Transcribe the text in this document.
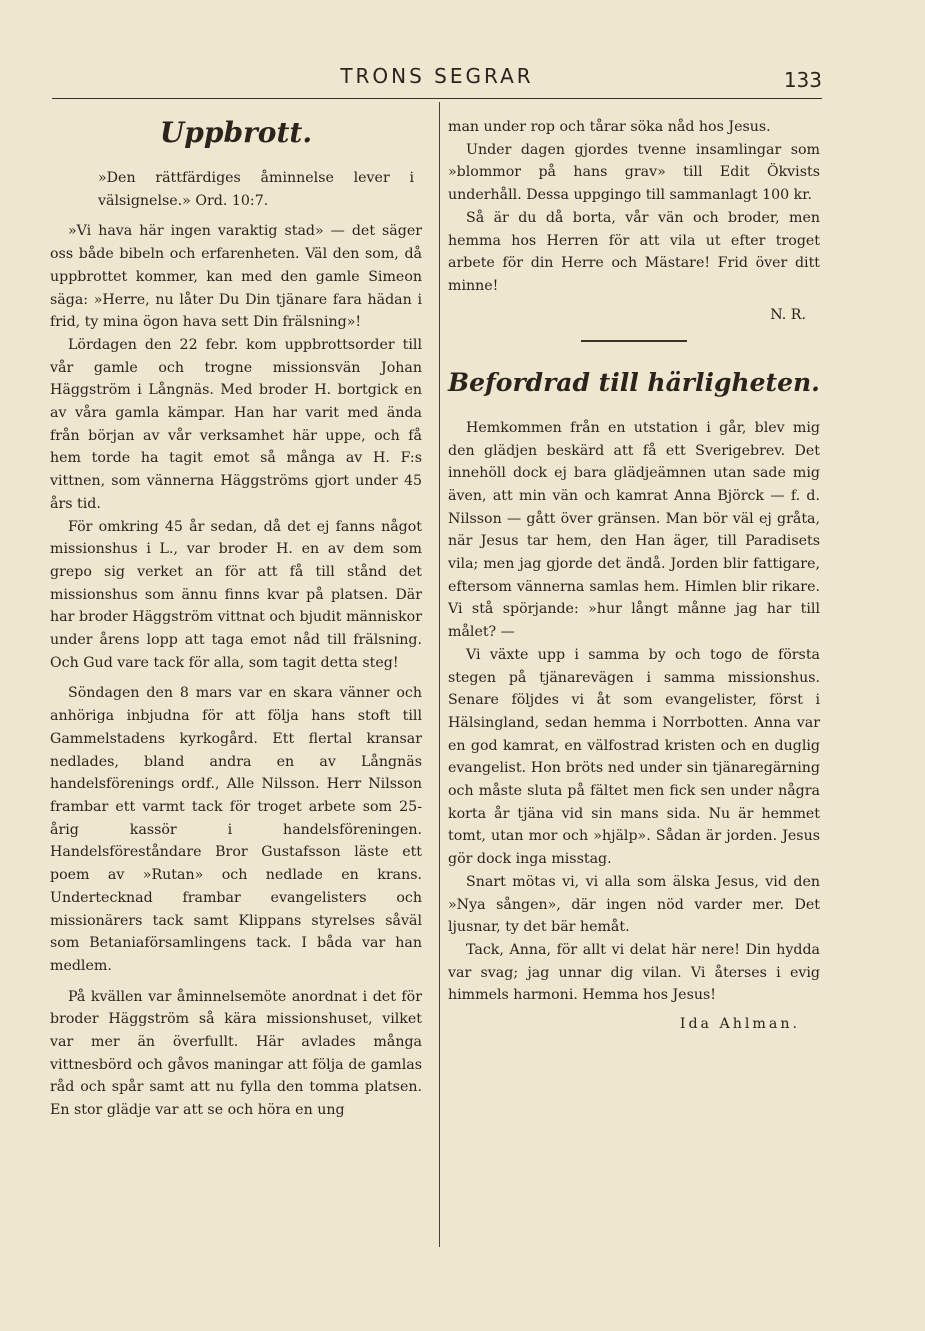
TRONS SEGRAR	133
Uppbrott.

»Den rättfärdiges åminnelse lever i välsignelse.» Ord. 10:7.

»Vi hava här ingen varaktig stad» — det säger oss både bibeln och erfarenheten. Väl den som, då uppbrottet kommer, kan med den gamle Simeon säga: »Herre, nu låter Du Din tjänare fara hädan i frid, ty mina ögon hava sett Din frälsning»!

Lördagen den 22 febr. kom uppbrottsorder till vår gamle och trogne missionsvän Johan Häggström i Långnäs. Med broder H. bortgick en av våra gamla kämpar. Han har varit med ända från början av vår verksamhet här uppe, och få hem torde ha tagit emot så många av H. F:s vittnen, som vännerna Häggströms gjort under 45 års tid.

För omkring 45 år sedan, då det ej fanns något missionshus i L., var broder H. en av dem som grepo sig verket an för att få till stånd det missionshus som ännu finns kvar på platsen. Där har broder Häggström vittnat och bjudit människor under årens lopp att taga emot nåd till frälsning. Och Gud vare tack för alla, som tagit detta steg!

Söndagen den 8 mars var en skara vänner och anhöriga inbjudna för att följa hans stoft till Gammelstadens kyrkogård. Ett flertal kransar nedlades, bland andra en av Långnäs handelsförenings ordf., Alle Nilsson. Herr Nilsson frambar ett varmt tack för troget arbete som 25-årig kassör i handelsföreningen. Handelsföreståndare Bror Gustafsson läste ett poem av »Rutan» och nedlade en krans. Undertecknad frambar evangelisters och missionärers tack samt Klippans styrelses såväl som Betaniaförsamlingens tack. I båda var han medlem.

På kvällen var åminnelsemöte anordnat i det för broder Häggström så kära missionshuset, vilket var mer än överfullt. Här avlades många vittnesbörd och gåvos maningar att följa de gamlas råd och spår samt att nu fylla den tomma platsen. En stor glädje var att se och höra en ung

man under rop och tårar söka nåd hos Jesus.

Under dagen gjordes tvenne insamlingar som »blommor på hans grav» till Edit Ökvists underhåll. Dessa uppgingo till sammanlagt 100 kr.

Så är du då borta, vår vän och broder, men hemma hos Herren för att vila ut efter troget arbete för din Herre och Mästare! Frid över ditt minne!

N. R.

Befordrad till härligheten.

Hemkommen från en utstation i går, blev mig den glädjen beskärd att få ett Sverigebrev. Det innehöll dock ej bara glädjeämnen utan sade mig även, att min vän och kamrat Anna Björck — f. d. Nilsson — gått över gränsen. Man bör väl ej gråta, när Jesus tar hem, den Han äger, till Paradisets vila; men jag gjorde det ändå. Jorden blir fattigare, eftersom vännerna samlas hem. Himlen blir rikare. Vi stå spörjande: »hur långt månne jag har till målet? —

Vi växte upp i samma by och togo de första stegen på tjänarevägen i samma missionshus. Senare följdes vi åt som evangelister, först i Hälsingland, sedan hemma i Norrbotten. Anna var en god kamrat, en välfostrad kristen och en duglig evangelist. Hon bröts ned under sin tjänaregärning och måste sluta på fältet men fick sen under några korta år tjäna vid sin mans sida. Nu är hemmet tomt, utan mor och »hjälp». Sådan är jorden. Jesus gör dock inga misstag.

Snart mötas vi, vi alla som älska Jesus, vid den »Nya sången», där ingen nöd varder mer. Det ljusnar, ty det bär hemåt.

Tack, Anna, för allt vi delat här nere! Din hydda var svag; jag unnar dig vilan. Vi återses i evig himmels harmoni. Hemma hos Jesus!

Ida Ahlman.
